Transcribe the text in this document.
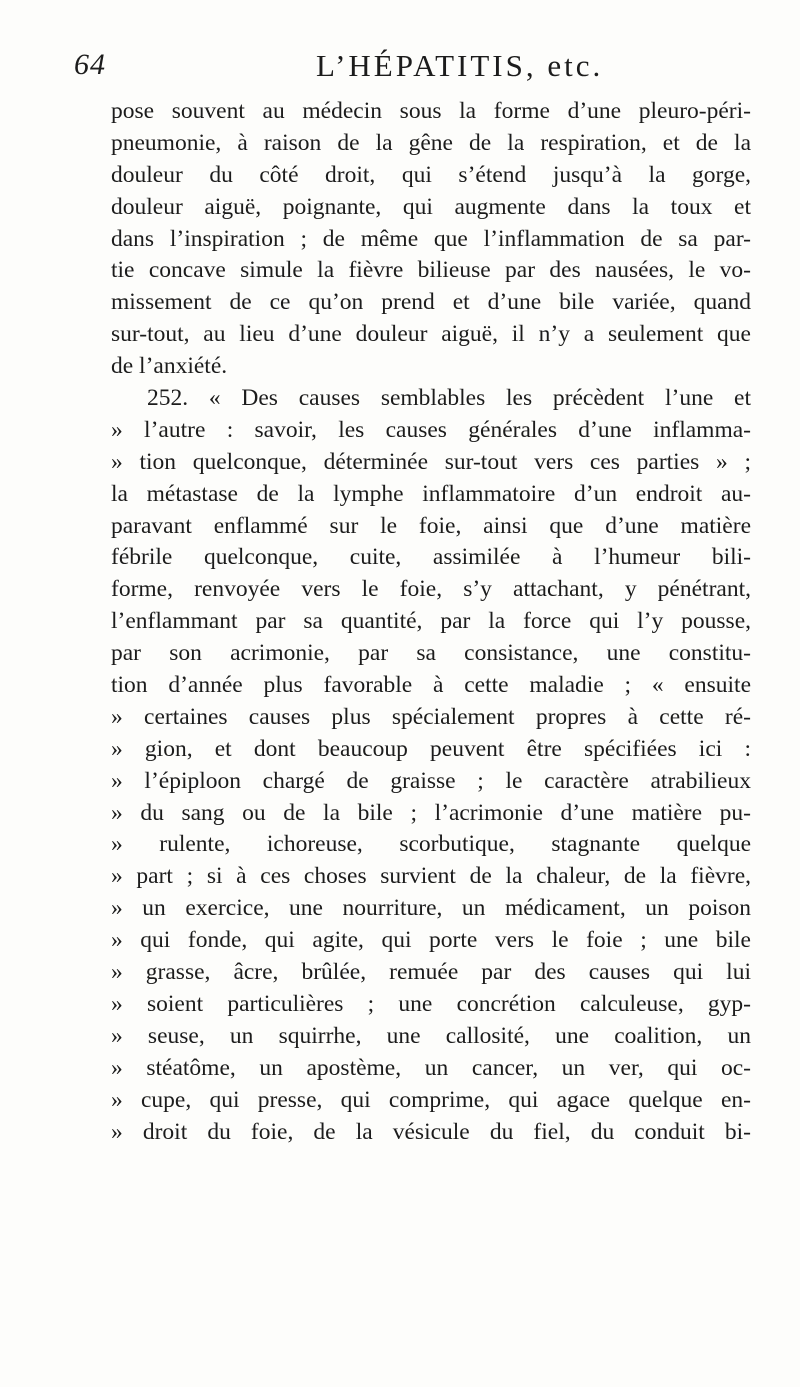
64	L’HÉPATITIS, etc.
pose souvent au médecin sous la forme d’une pleuro-péri-
pneumonie, à raison de la gêne de la respiration, et de la
douleur du côté droit, qui s’étend jusqu’à la gorge,
douleur aiguë, poignante, qui augmente dans la toux et
dans l’inspiration ; de même que l’inflammation de sa par-
tie concave simule la fièvre bilieuse par des nausées, le vo-
missement de ce qu’on prend et d’une bile variée, quand
sur-tout, au lieu d’une douleur aiguë, il n’y a seulement que
de l’anxiété.
252. « Des causes semblables les précèdent l’une et
» l’autre : savoir, les causes générales d’une inflamma-
» tion quelconque, déterminée sur-tout vers ces parties » ;
la métastase de la lymphe inflammatoire d’un endroit au-
paravant enflammé sur le foie, ainsi que d’une matière
fébrile quelconque, cuite, assimilée à l’humeur bili-
forme, renvoyée vers le foie, s’y attachant, y pénétrant,
l’enflammant par sa quantité, par la force qui l’y pousse,
par son acrimonie, par sa consistance, une constitu-
tion d’année plus favorable à cette maladie ; « ensuite
» certaines causes plus spécialement propres à cette ré-
» gion, et dont beaucoup peuvent être spécifiées ici :
» l’épiploon chargé de graisse ; le caractère atrabilieux
» du sang ou de la bile ; l’acrimonie d’une matière pu-
» rulente, ichoreuse, scorbutique, stagnante quelque
» part ; si à ces choses survient de la chaleur, de la fièvre,
» un exercice, une nourriture, un médicament, un poison
» qui fonde, qui agite, qui porte vers le foie ; une bile
» grasse, âcre, brûlée, remuée par des causes qui lui
» soient particulières ; une concrétion calculeuse, gyp-
» seuse, un squirrhe, une callosité, une coalition, un
» stéatôme, un apostème, un cancer, un ver, qui oc-
» cupe, qui presse, qui comprime, qui agace quelque en-
» droit du foie, de la vésicule du fiel, du conduit bi-
